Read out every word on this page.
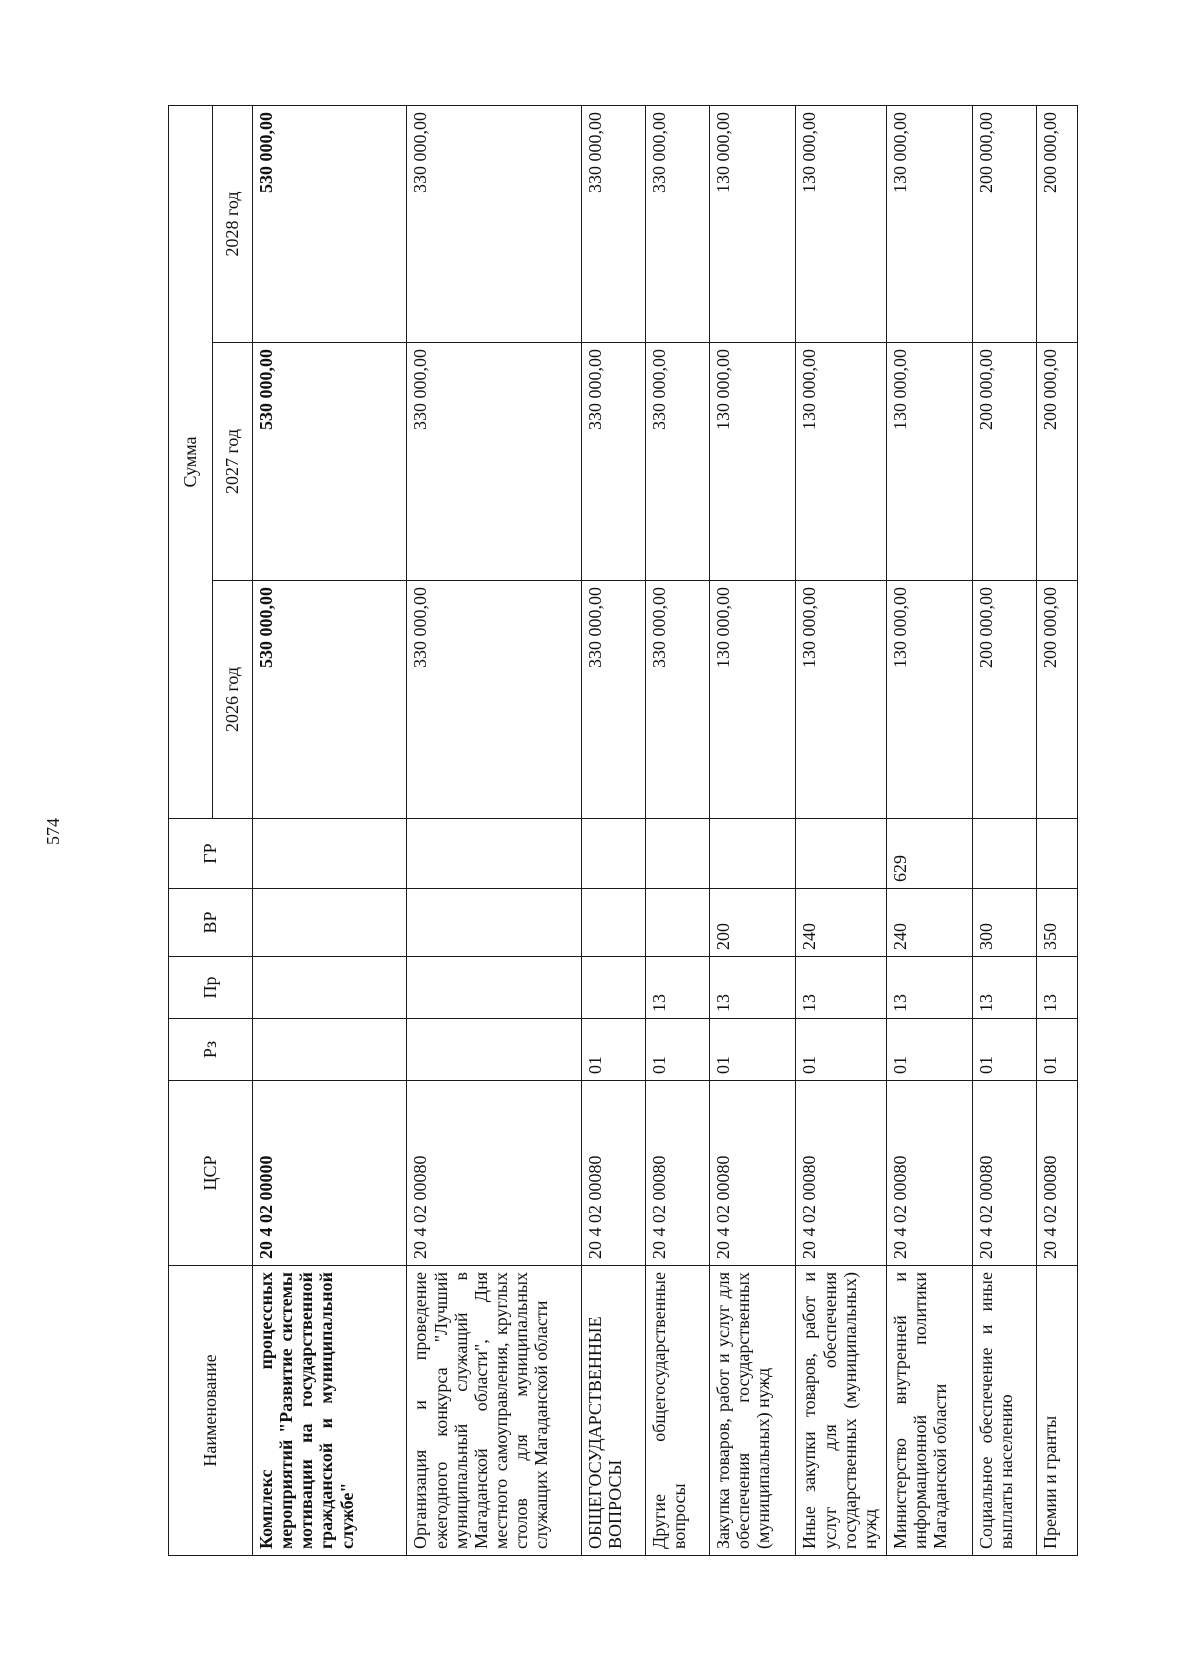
574
Наименование	ЦСР	Рз	Пр	ВР	ГР	Сумма		
						2026 год	2027 год	2028 год
Комплекс процессных мероприятий "Развитие системы мотивации на государственной гражданской и муниципальной службе"	20 4 02 00000					530 000,00	530 000,00	530 000,00
Организация и проведение ежегодного конкурса "Лучший муниципальный служащий в Магаданской области", Дня местного самоуправления, круглых столов для муниципальных служащих Магаданской области	20 4 02 00080					330 000,00	330 000,00	330 000,00
ОБЩЕГОСУДАРСТВЕННЫЕ ВОПРОСЫ	20 4 02 00080	01				330 000,00	330 000,00	330 000,00
Другие общегосударственные вопросы	20 4 02 00080	01	13			330 000,00	330 000,00	330 000,00
Закупка товаров, работ и услуг для обеспечения государственных (муниципальных) нужд	20 4 02 00080	01	13	200		130 000,00	130 000,00	130 000,00
Иные закупки товаров, работ и услуг для обеспечения государственных (муниципальных) нужд	20 4 02 00080	01	13	240		130 000,00	130 000,00	130 000,00
Министерство внутренней и информационной политики Магаданской области	20 4 02 00080	01	13	240	629	130 000,00	130 000,00	130 000,00
Социальное обеспечение и иные выплаты населению	20 4 02 00080	01	13	300		200 000,00	200 000,00	200 000,00
Премии и гранты	20 4 02 00080	01	13	350		200 000,00	200 000,00	200 000,00
